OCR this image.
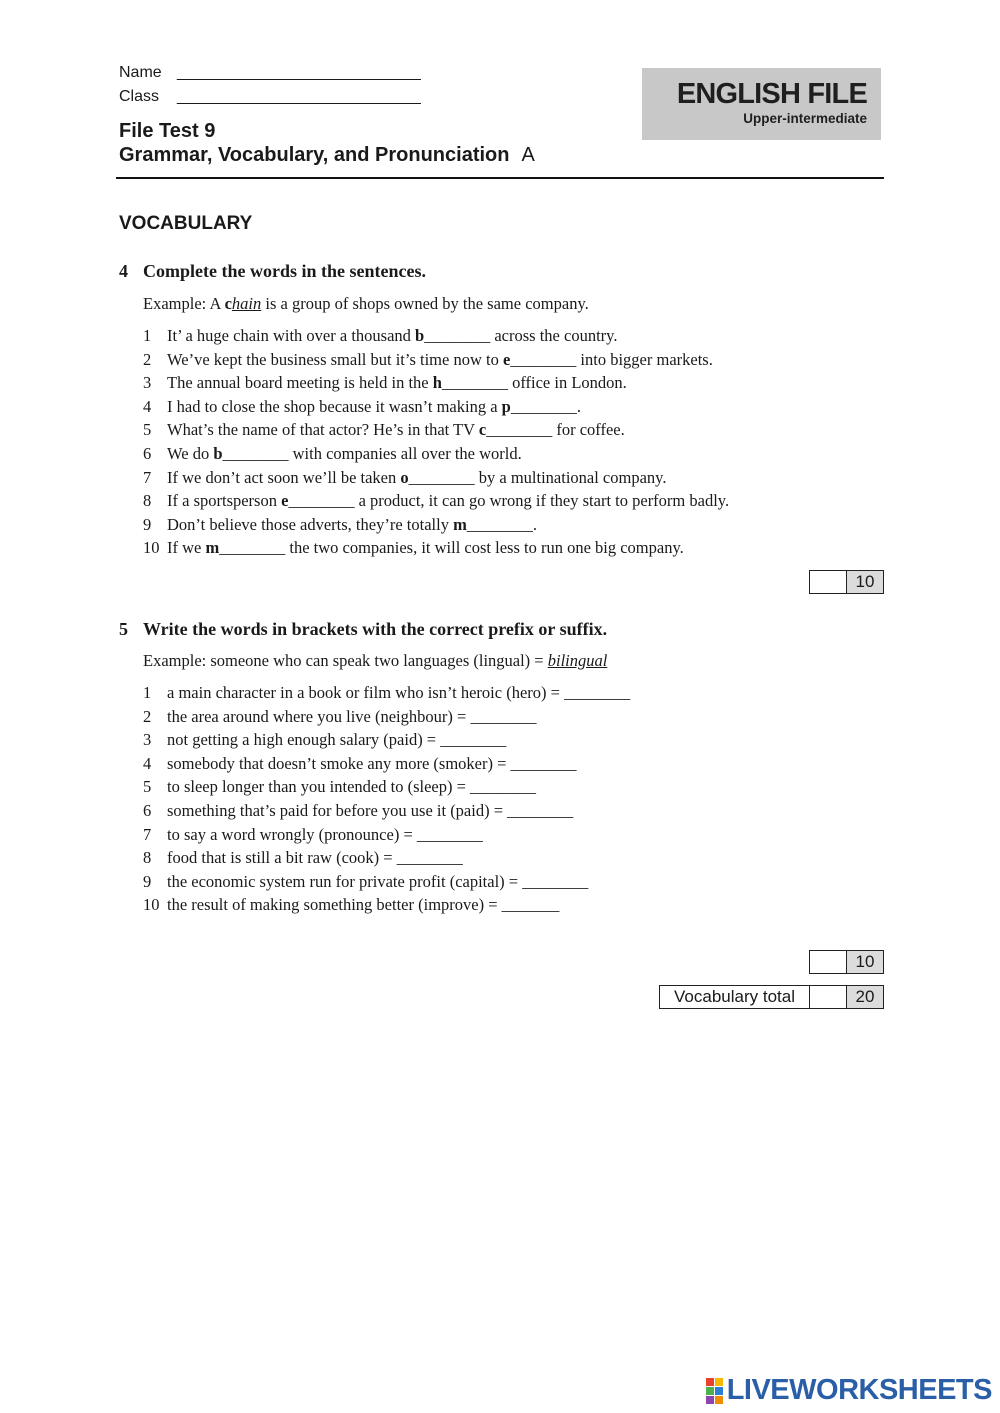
Name ____________________________
Class ____________________________
File Test 9
Grammar, Vocabulary, and Pronunciation A
ENGLISH FILE
Upper-intermediate
VOCABULARY
4 Complete the words in the sentences.
Example: A chain is a group of shops owned by the same company.
1 It’ a huge chain with over a thousand b________ across the country.
2 We’ve kept the business small but it’s time now to e________ into bigger markets.
3 The annual board meeting is held in the h________ office in London.
4 I had to close the shop because it wasn’t making a p________.
5 What’s the name of that actor? He’s in that TV c________ for coffee.
6 We do b________ with companies all over the world.
7 If we don’t act soon we’ll be taken o________ by a multinational company.
8 If a sportsperson e________ a product, it can go wrong if they start to perform badly.
9 Don’t believe those adverts, they’re totally m________.
10 If we m________ the two companies, it will cost less to run one big company.
	10
5 Write the words in brackets with the correct prefix or suffix.
Example: someone who can speak two languages (lingual) = bilingual
1 a main character in a book or film who isn’t heroic (hero) = ________
2 the area around where you live (neighbour) = ________
3 not getting a high enough salary (paid) = ________
4 somebody that doesn’t smoke any more (smoker) = ________
5 to sleep longer than you intended to (sleep) = ________
6 something that’s paid for before you use it (paid) = ________
7 to say a word wrongly (pronounce) = ________
8 food that is still a bit raw (cook) = ________
9 the economic system run for private profit (capital) = ________
10 the result of making something better (improve) = _______
	10
Vocabulary total		20
LIVEWORKSHEETS
